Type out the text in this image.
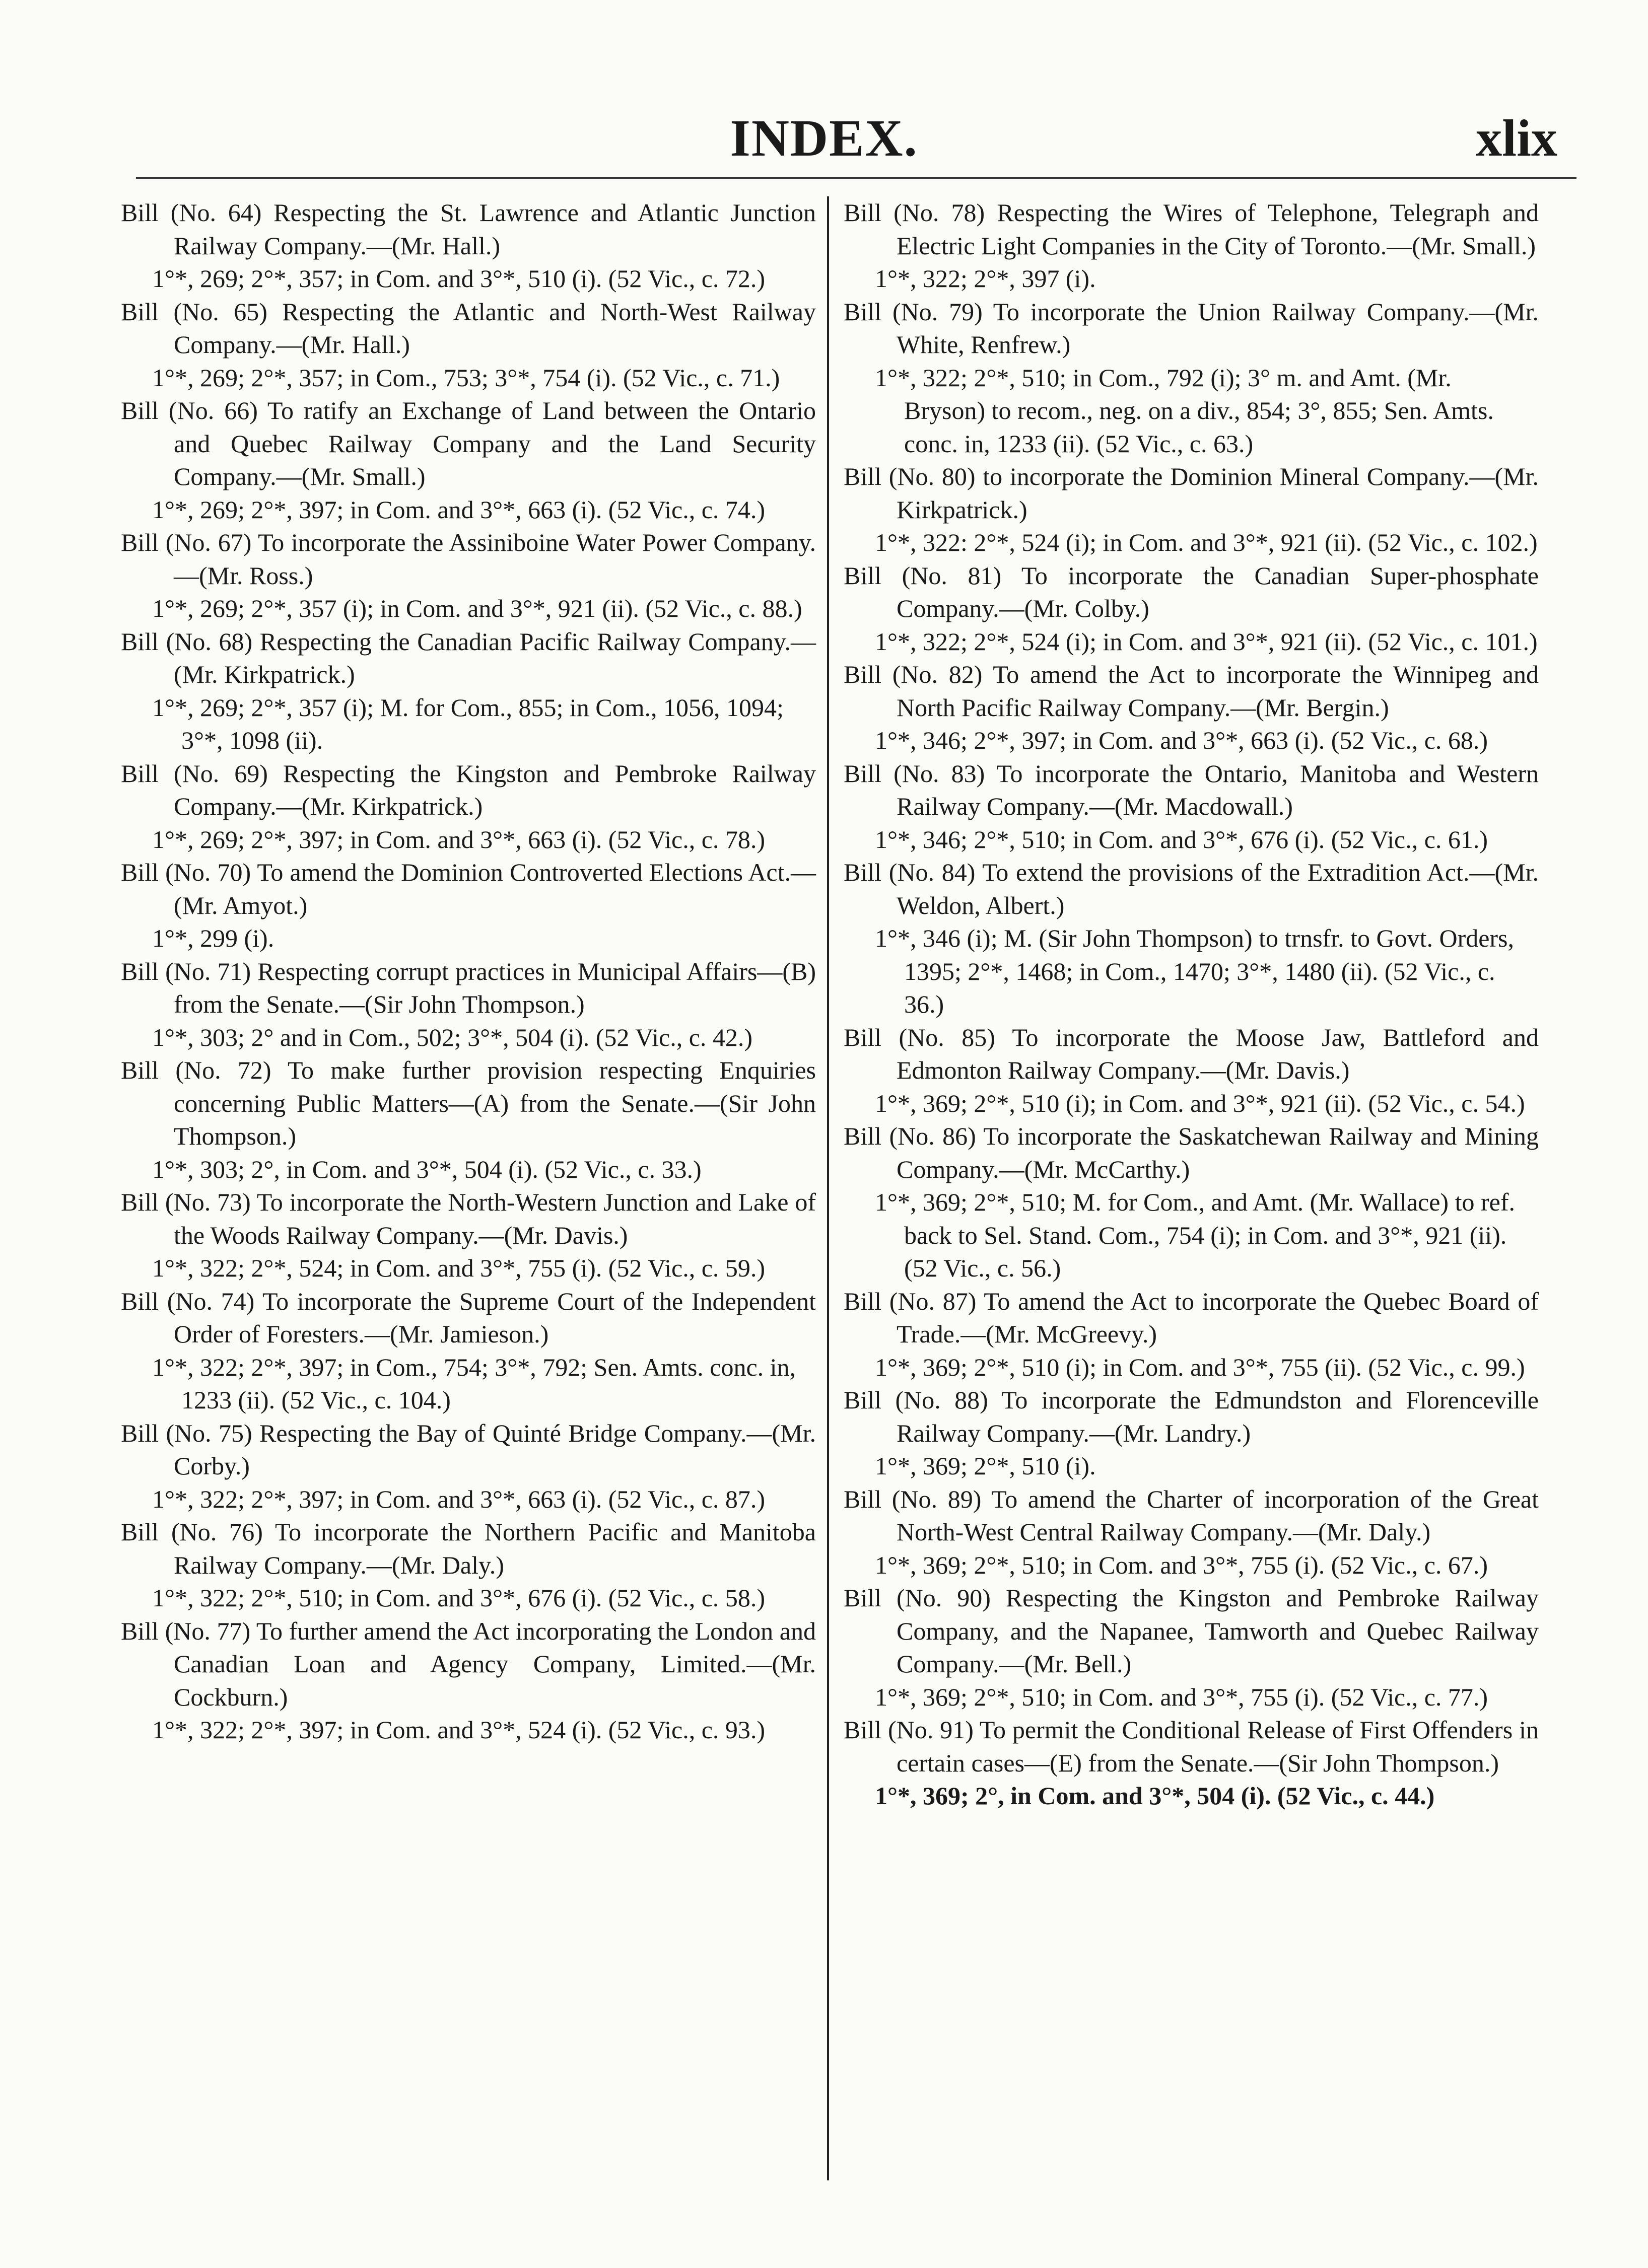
INDEX.	xlix
Bill (No. 64) Respecting the St. Lawrence and Atlantic Junction Railway Company.—(Mr. Hall.)
1°*, 269; 2°*, 357; in Com. and 3°*, 510 (i). (52 Vic., c. 72.)
Bill (No. 65) Respecting the Atlantic and North-West Railway Company.—(Mr. Hall.)
1°*, 269; 2°*, 357; in Com., 753; 3°*, 754 (i). (52 Vic., c. 71.)
Bill (No. 66) To ratify an Exchange of Land between the Ontario and Quebec Railway Company and the Land Security Company.—(Mr. Small.)
1°*, 269; 2°*, 397; in Com. and 3°*, 663 (i). (52 Vic., c. 74.)
Bill (No. 67) To incorporate the Assiniboine Water Power Company.—(Mr. Ross.)
1°*, 269; 2°*, 357 (i); in Com. and 3°*, 921 (ii). (52 Vic., c. 88.)
Bill (No. 68) Respecting the Canadian Pacific Railway Company.—(Mr. Kirkpatrick.)
1°*, 269; 2°*, 357 (i); M. for Com., 855; in Com., 1056, 1094; 3°*, 1098 (ii).
Bill (No. 69) Respecting the Kingston and Pembroke Railway Company.—(Mr. Kirkpatrick.)
1°*, 269; 2°*, 397; in Com. and 3°*, 663 (i). (52 Vic., c. 78.)
Bill (No. 70) To amend the Dominion Controverted Elections Act.—(Mr. Amyot.)
1°*, 299 (i).
Bill (No. 71) Respecting corrupt practices in Municipal Affairs—(B) from the Senate.—(Sir John Thompson.)
1°*, 303; 2° and in Com., 502; 3°*, 504 (i). (52 Vic., c. 42.)
Bill (No. 72) To make further provision respecting Enquiries concerning Public Matters—(A) from the Senate.—(Sir John Thompson.)
1°*, 303; 2°, in Com. and 3°*, 504 (i). (52 Vic., c. 33.)
Bill (No. 73) To incorporate the North-Western Junction and Lake of the Woods Railway Company.—(Mr. Davis.)
1°*, 322; 2°*, 524; in Com. and 3°*, 755 (i). (52 Vic., c. 59.)
Bill (No. 74) To incorporate the Supreme Court of the Independent Order of Foresters.—(Mr. Jamieson.)
1°*, 322; 2°*, 397; in Com., 754; 3°*, 792; Sen. Amts. conc. in, 1233 (ii). (52 Vic., c. 104.)
Bill (No. 75) Respecting the Bay of Quinté Bridge Company.—(Mr. Corby.)
1°*, 322; 2°*, 397; in Com. and 3°*, 663 (i). (52 Vic., c. 87.)
Bill (No. 76) To incorporate the Northern Pacific and Manitoba Railway Company.—(Mr. Daly.)
1°*, 322; 2°*, 510; in Com. and 3°*, 676 (i). (52 Vic., c. 58.)
Bill (No. 77) To further amend the Act incorporating the London and Canadian Loan and Agency Company, Limited.—(Mr. Cockburn.)
1°*, 322; 2°*, 397; in Com. and 3°*, 524 (i). (52 Vic., c. 93.)
Bill (No. 78) Respecting the Wires of Telephone, Telegraph and Electric Light Companies in the City of Toronto.—(Mr. Small.)
1°*, 322; 2°*, 397 (i).
Bill (No. 79) To incorporate the Union Railway Company.—(Mr. White, Renfrew.)
1°*, 322; 2°*, 510; in Com., 792 (i); 3° m. and Amt. (Mr. Bryson) to recom., neg. on a div., 854; 3°, 855; Sen. Amts. conc. in, 1233 (ii). (52 Vic., c. 63.)
Bill (No. 80) to incorporate the Dominion Mineral Company.—(Mr. Kirkpatrick.)
1°*, 322: 2°*, 524 (i); in Com. and 3°*, 921 (ii). (52 Vic., c. 102.)
Bill (No. 81) To incorporate the Canadian Super-phosphate Company.—(Mr. Colby.)
1°*, 322; 2°*, 524 (i); in Com. and 3°*, 921 (ii). (52 Vic., c. 101.)
Bill (No. 82) To amend the Act to incorporate the Winnipeg and North Pacific Railway Company.—(Mr. Bergin.)
1°*, 346; 2°*, 397; in Com. and 3°*, 663 (i). (52 Vic., c. 68.)
Bill (No. 83) To incorporate the Ontario, Manitoba and Western Railway Company.—(Mr. Macdowall.)
1°*, 346; 2°*, 510; in Com. and 3°*, 676 (i). (52 Vic., c. 61.)
Bill (No. 84) To extend the provisions of the Extradition Act.—(Mr. Weldon, Albert.)
1°*, 346 (i); M. (Sir John Thompson) to trnsfr. to Govt. Orders, 1395; 2°*, 1468; in Com., 1470; 3°*, 1480 (ii). (52 Vic., c. 36.)
Bill (No. 85) To incorporate the Moose Jaw, Battleford and Edmonton Railway Company.—(Mr. Davis.)
1°*, 369; 2°*, 510 (i); in Com. and 3°*, 921 (ii). (52 Vic., c. 54.)
Bill (No. 86) To incorporate the Saskatchewan Railway and Mining Company.—(Mr. McCarthy.)
1°*, 369; 2°*, 510; M. for Com., and Amt. (Mr. Wallace) to ref. back to Sel. Stand. Com., 754 (i); in Com. and 3°*, 921 (ii). (52 Vic., c. 56.)
Bill (No. 87) To amend the Act to incorporate the Quebec Board of Trade.—(Mr. McGreevy.)
1°*, 369; 2°*, 510 (i); in Com. and 3°*, 755 (ii). (52 Vic., c. 99.)
Bill (No. 88) To incorporate the Edmundston and Florenceville Railway Company.—(Mr. Landry.)
1°*, 369; 2°*, 510 (i).
Bill (No. 89) To amend the Charter of incorporation of the Great North-West Central Railway Company.—(Mr. Daly.)
1°*, 369; 2°*, 510; in Com. and 3°*, 755 (i). (52 Vic., c. 67.)
Bill (No. 90) Respecting the Kingston and Pembroke Railway Company, and the Napanee, Tamworth and Quebec Railway Company.—(Mr. Bell.)
1°*, 369; 2°*, 510; in Com. and 3°*, 755 (i). (52 Vic., c. 77.)
Bill (No. 91) To permit the Conditional Release of First Offenders in certain cases—(E) from the Senate.—(Sir John Thompson.)
1°*, 369; 2°, in Com. and 3°*, 504 (i). (52 Vic., c. 44.)
